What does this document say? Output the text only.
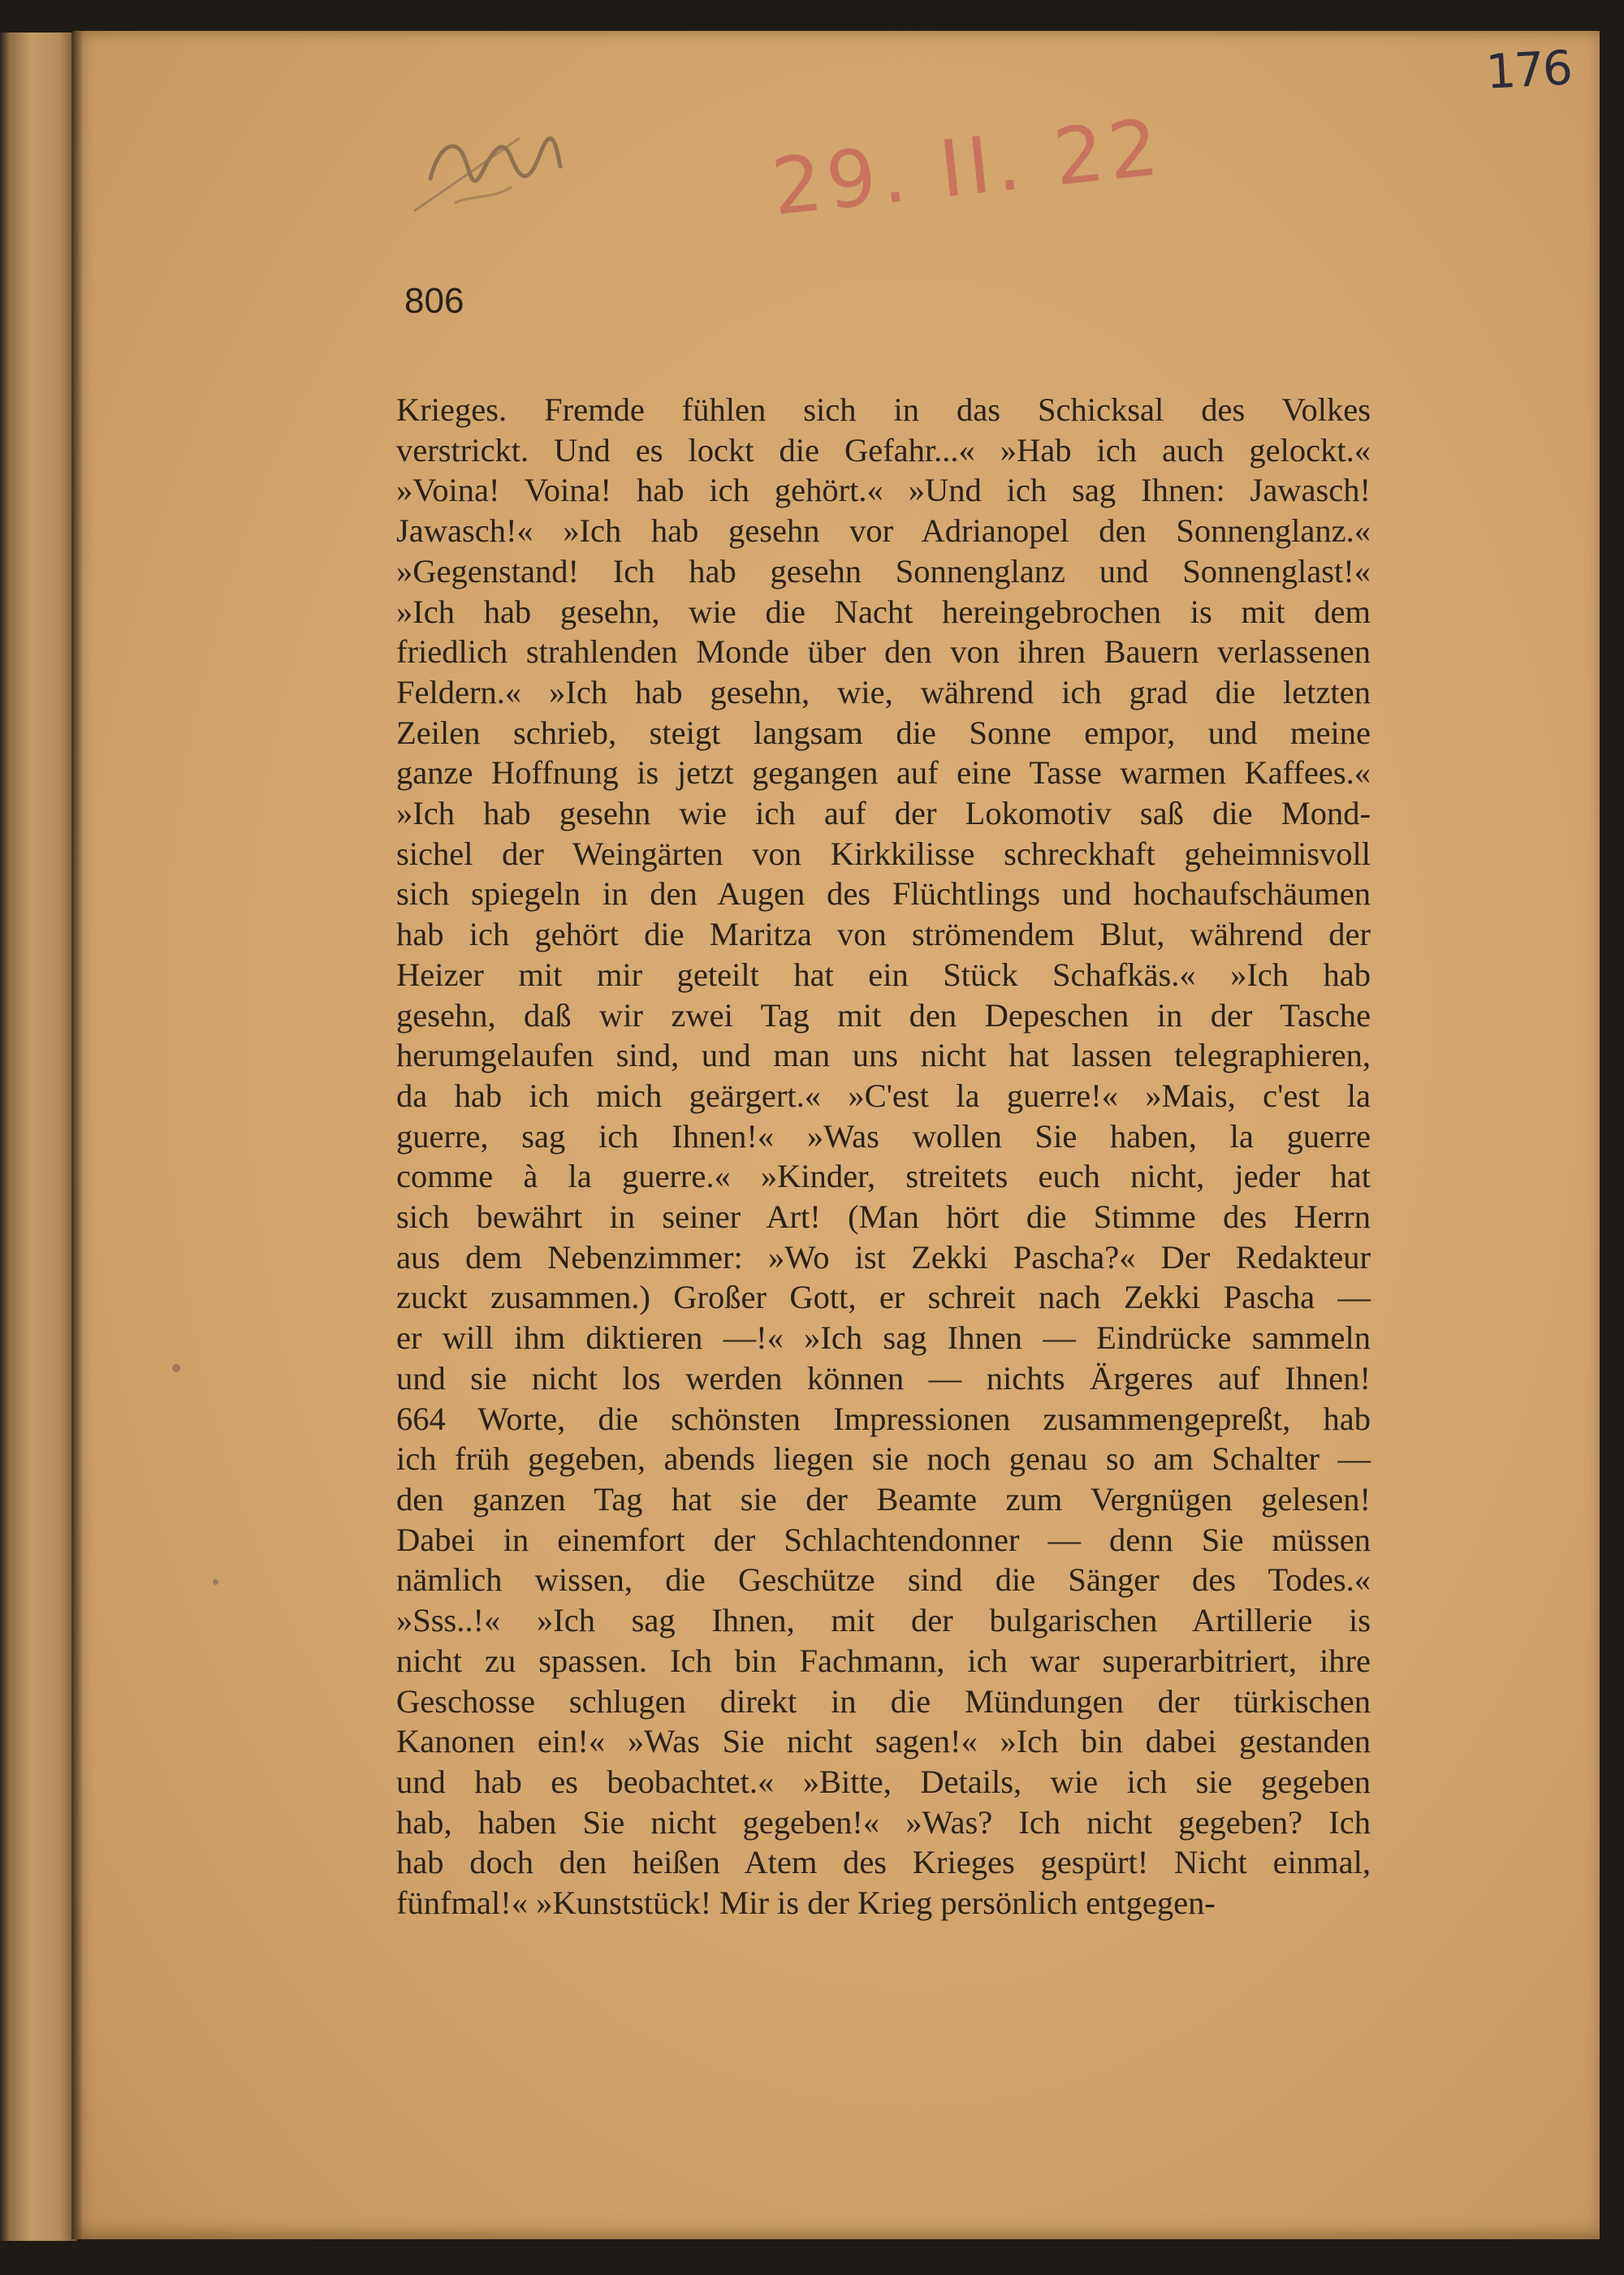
176
29. II. 22
806
Krieges. Fremde fühlen sich in das Schicksal des Volkes
verstrickt. Und es lockt die Gefahr...« »Hab ich auch gelockt.«
»Voina! Voina! hab ich gehört.« »Und ich sag Ihnen: Jawasch!
Jawasch!« »Ich hab gesehn vor Adrianopel den Sonnenglanz.«
»Gegenstand! Ich hab gesehn Sonnenglanz und Sonnenglast!«
»Ich hab gesehn, wie die Nacht hereingebrochen is mit dem
friedlich strahlenden Monde über den von ihren Bauern verlassenen
Feldern.« »Ich hab gesehn, wie, während ich grad die letzten
Zeilen schrieb, steigt langsam die Sonne empor, und meine
ganze Hoffnung is jetzt gegangen auf eine Tasse warmen Kaffees.«
»Ich hab gesehn wie ich auf der Lokomotiv saß die Mond-
sichel der Weingärten von Kirkkilisse schreckhaft geheimnisvoll
sich spiegeln in den Augen des Flüchtlings und hochaufschäumen
hab ich gehört die Maritza von strömendem Blut, während der
Heizer mit mir geteilt hat ein Stück Schafkäs.« »Ich hab
gesehn, daß wir zwei Tag mit den Depeschen in der Tasche
herumgelaufen sind, und man uns nicht hat lassen telegraphieren,
da hab ich mich geärgert.« »C'est la guerre!« »Mais, c'est la
guerre, sag ich Ihnen!« »Was wollen Sie haben, la guerre
comme à la guerre.« »Kinder, streitets euch nicht, jeder hat
sich bewährt in seiner Art! (Man hört die Stimme des Herrn
aus dem Nebenzimmer: »Wo ist Zekki Pascha?« Der Redakteur
zuckt zusammen.) Großer Gott, er schreit nach Zekki Pascha —
er will ihm diktieren —!« »Ich sag Ihnen — Eindrücke sammeln
und sie nicht los werden können — nichts Ärgeres auf Ihnen!
664 Worte, die schönsten Impressionen zusammengepreßt, hab
ich früh gegeben, abends liegen sie noch genau so am Schalter —
den ganzen Tag hat sie der Beamte zum Vergnügen gelesen!
Dabei in einemfort der Schlachtendonner — denn Sie müssen
nämlich wissen, die Geschütze sind die Sänger des Todes.«
»Sss..!« »Ich sag Ihnen, mit der bulgarischen Artillerie is
nicht zu spassen. Ich bin Fachmann, ich war superarbitriert, ihre
Geschosse schlugen direkt in die Mündungen der türkischen
Kanonen ein!« »Was Sie nicht sagen!« »Ich bin dabei gestanden
und hab es beobachtet.« »Bitte, Details, wie ich sie gegeben
hab, haben Sie nicht gegeben!« »Was? Ich nicht gegeben? Ich
hab doch den heißen Atem des Krieges gespürt! Nicht einmal,
fünfmal!« »Kunststück! Mir is der Krieg persönlich entgegen-
